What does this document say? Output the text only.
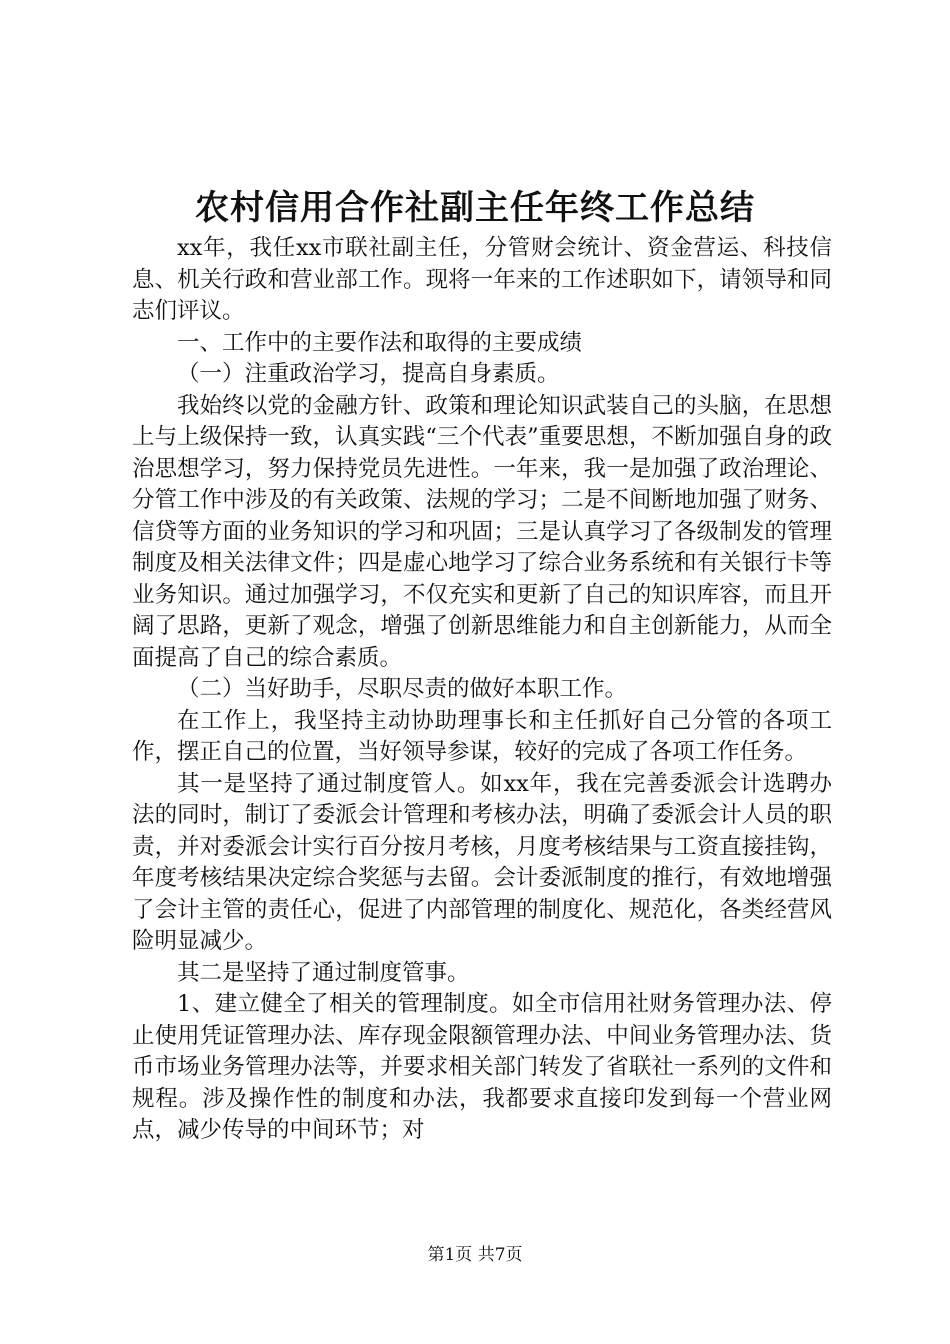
农村信用合作社副主任年终工作总结

xx年，我任xx市联社副主任，分管财会统计、资金营运、科技信息、机关行政和营业部工作。现将一年来的工作述职如下，请领导和同志们评议。

一、工作中的主要作法和取得的主要成绩

（一）注重政治学习，提高自身素质。

我始终以党的金融方针、政策和理论知识武装自己的头脑，在思想上与上级保持一致，认真实践“三个代表”重要思想，不断加强自身的政治思想学习，努力保持党员先进性。一年来，我一是加强了政治理论、分管工作中涉及的有关政策、法规的学习；二是不间断地加强了财务、信贷等方面的业务知识的学习和巩固；三是认真学习了各级制发的管理制度及相关法律文件；四是虚心地学习了综合业务系统和有关银行卡等业务知识。通过加强学习，不仅充实和更新了自己的知识库容，而且开阔了思路，更新了观念，增强了创新思维能力和自主创新能力，从而全面提高了自己的综合素质。

（二）当好助手，尽职尽责的做好本职工作。

在工作上，我坚持主动协助理事长和主任抓好自己分管的各项工作，摆正自己的位置，当好领导参谋，较好的完成了各项工作任务。

其一是坚持了通过制度管人。如xx年，我在完善委派会计选聘办法的同时，制订了委派会计管理和考核办法，明确了委派会计人员的职责，并对委派会计实行百分按月考核，月度考核结果与工资直接挂钩，年度考核结果决定综合奖惩与去留。会计委派制度的推行，有效地增强了会计主管的责任心，促进了内部管理的制度化、规范化，各类经营风险明显减少。

其二是坚持了通过制度管事。

1、建立健全了相关的管理制度。如全市信用社财务管理办法、停止使用凭证管理办法、库存现金限额管理办法、中间业务管理办法、货币市场业务管理办法等，并要求相关部门转发了省联社一系列的文件和规程。涉及操作性的制度和办法，我都要求直接印发到每一个营业网点，减少传导的中间环节；对

第1页 共7页
